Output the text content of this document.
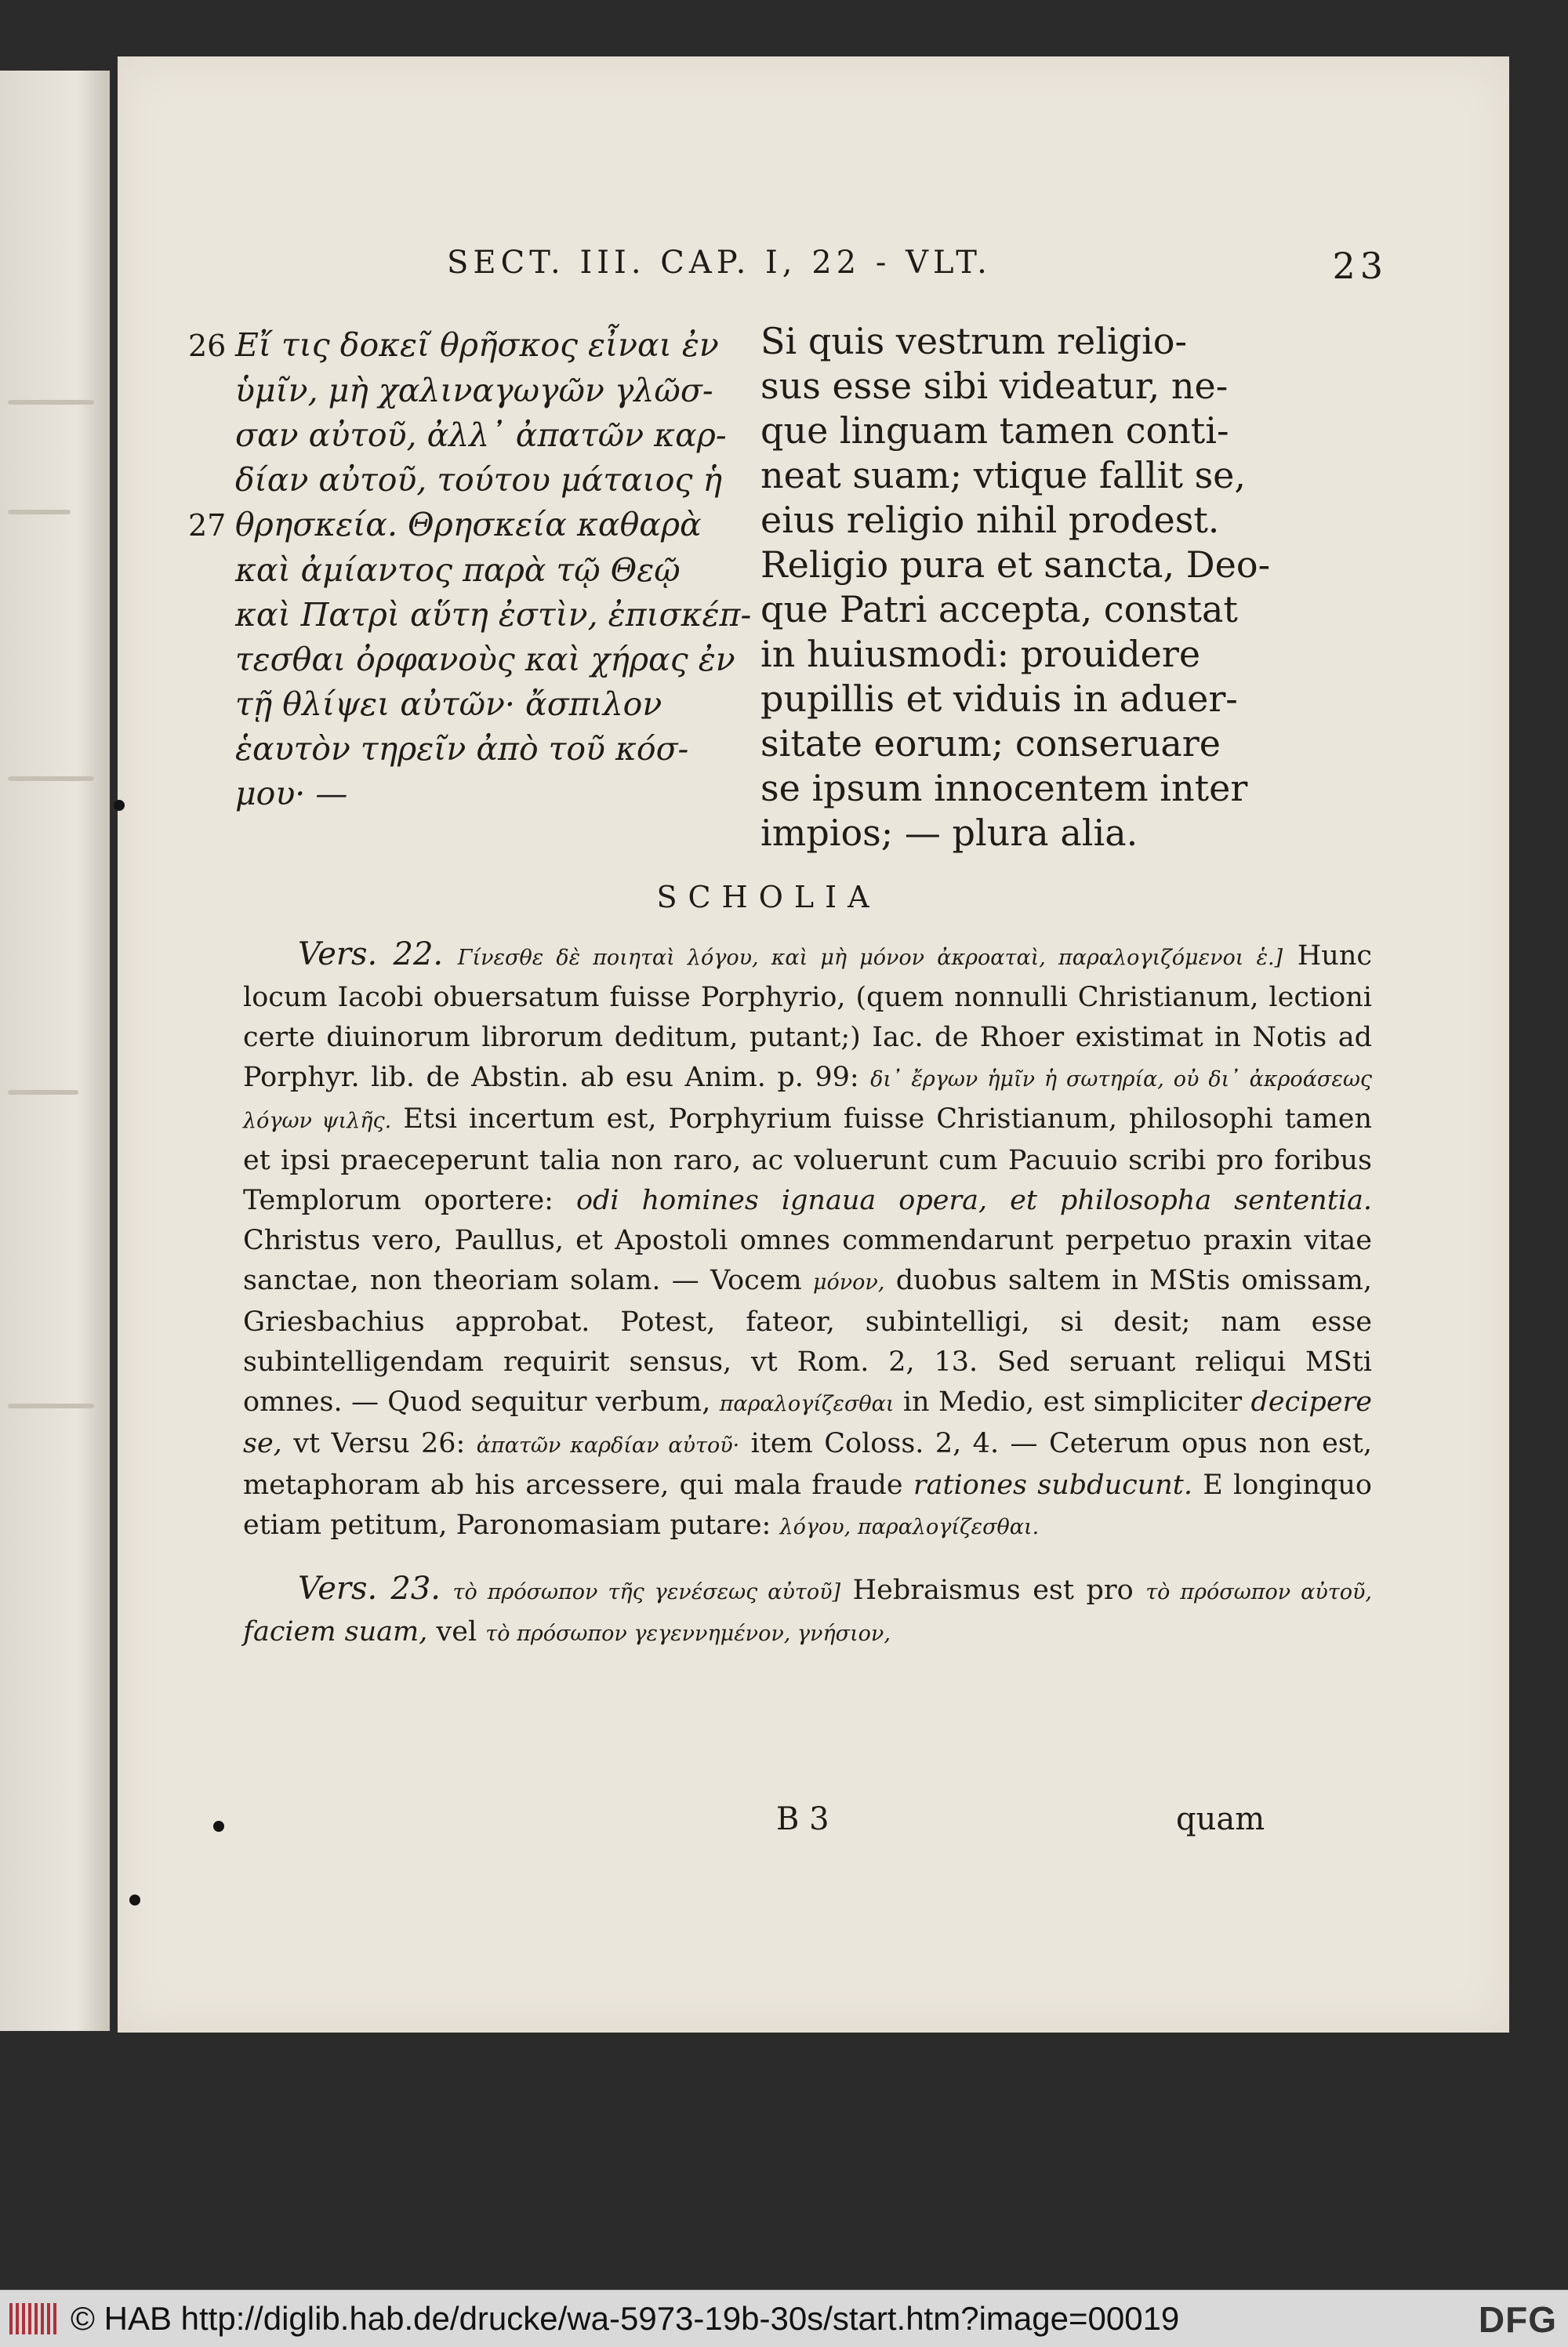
SECT. III. CAP. I, 22 - VLT.	23
26 Εἴ τις δοκεῖ θρῆσκος εἶναι ἐν
ὑμῖν, μὴ χαλιναγωγῶν γλῶσ-
σαν αὐτοῦ, ἀλλ᾽ ἀπατῶν καρ-
δίαν αὐτοῦ, τούτου μάταιος ἡ
27 θρησκεία. Θρησκεία καθαρὰ
καὶ ἀμίαντος παρὰ τῷ Θεῷ
καὶ Πατρὶ αὕτη ἐστὶν, ἐπισκέπ-
τεσθαι ὀρφανοὺς καὶ χήρας ἐν
τῇ θλίψει αὐτῶν· ἄσπιλον
ἑαυτὸν τηρεῖν ἀπὸ τοῦ κόσ-
μου· —
Si quis vestrum religio-
sus esse sibi videatur, ne-
que linguam tamen conti-
neat suam; vtique fallit se,
eius religio nihil prodest.
Religio pura et sancta, Deo-
que Patri accepta, constat
in huiusmodi: prouidere
pupillis et viduis in aduer-
sitate eorum; conseruare
se ipsum innocentem inter
impios; — plura alia.
SCHOLIA

Vers. 22. Γίνεσθε δὲ ποιηταὶ λόγου, καὶ μὴ μόνον ἀκροαταὶ, παραλογιζόμενοι ἑ.] Hunc locum Iacobi obuersatum fuisse Porphyrio, (quem nonnulli Christianum, lectioni certe diuinorum librorum deditum, putant;) Iac. de Rhoer existimat in Notis ad Porphyr. lib. de Abstin. ab esu Anim. p. 99: δι᾽ ἔργων ἡμῖν ἡ σωτηρία, οὐ δι᾽ ἀκροάσεως λόγων ψιλῆς. Etsi incertum est, Porphyrium fuisse Christianum, philosophi tamen et ipsi praeceperunt talia non raro, ac voluerunt cum Pacuuio scribi pro foribus Templorum oportere: odi homines ignaua opera, et philosopha sententia. Christus vero, Paullus, et Apostoli omnes commendarunt perpetuo praxin vitae sanctae, non theoriam solam. — Vocem μόνον, duobus saltem in MStis omissam, Griesbachius approbat. Potest, fateor, subintelligi, si desit; nam esse subintelligendam requirit sensus, vt Rom. 2, 13. Sed seruant reliqui MSti omnes. — Quod sequitur verbum, παραλογίζεσθαι in Medio, est simpliciter decipere se, vt Versu 26: ἀπατῶν καρδίαν αὐτοῦ· item Coloss. 2, 4. — Ceterum opus non est, metaphoram ab his arcessere, qui mala fraude rationes subducunt. E longinquo etiam petitum, Paronomasiam putare: λόγου, παραλογίζεσθαι.

Vers. 23. τὸ πρόσωπον τῆς γενέσεως αὐτοῦ] Hebraismus est pro τὸ πρόσωπον αὐτοῦ, faciem suam, vel τὸ πρόσωπον γεγεννημένον, γνήσιον,

B 3	quam
© HAB http://diglib.hab.de/drucke/wa-5973-19b-30s/start.htm?image=00019	DFG
